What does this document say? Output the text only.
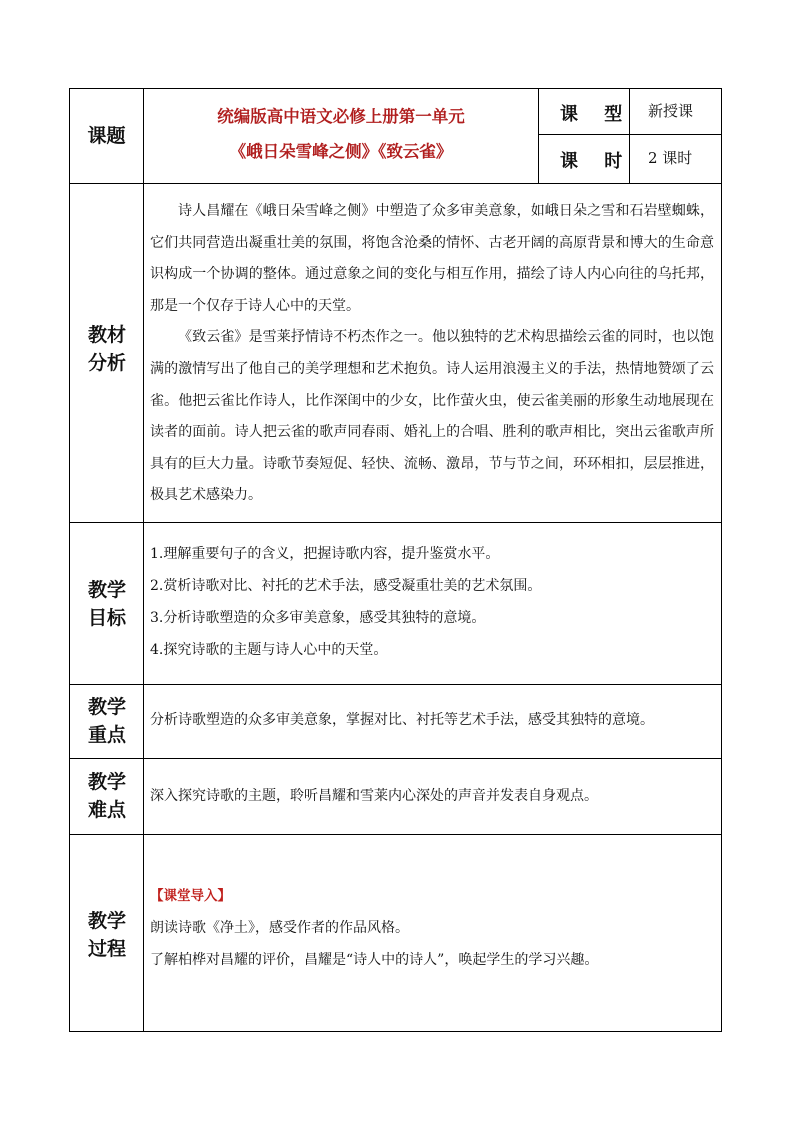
课题
统编版高中语文必修上册第一单元
《峨日朵雪峰之侧》《致云雀》
课 型 新授课
课 时 2 课时
教材分析

诗人昌耀在《峨日朵雪峰之侧》中塑造了众多审美意象，如峨日朵之雪和石岩壁蜘蛛，它们共同营造出凝重壮美的氛围，将饱含沧桑的情怀、古老开阔的高原背景和博大的生命意识构成一个协调的整体。通过意象之间的变化与相互作用，描绘了诗人内心向往的乌托邦，那是一个仅存于诗人心中的天堂。

《致云雀》是雪莱抒情诗不朽杰作之一。他以独特的艺术构思描绘云雀的同时，也以饱满的激情写出了他自己的美学理想和艺术抱负。诗人运用浪漫主义的手法，热情地赞颂了云雀。他把云雀比作诗人，比作深闺中的少女，比作萤火虫，使云雀美丽的形象生动地展现在读者的面前。诗人把云雀的歌声同春雨、婚礼上的合唱、胜利的歌声相比，突出云雀歌声所具有的巨大力量。诗歌节奏短促、轻快、流畅、激昂，节与节之间，环环相扣，层层推进，极具艺术感染力。

教学目标

1.理解重要句子的含义，把握诗歌内容，提升鉴赏水平。

2.赏析诗歌对比、衬托的艺术手法，感受凝重壮美的艺术氛围。

3.分析诗歌塑造的众多审美意象，感受其独特的意境。

4.探究诗歌的主题与诗人心中的天堂。

教学重点
分析诗歌塑造的众多审美意象，掌握对比、衬托等艺术手法，感受其独特的意境。
教学难点
深入探究诗歌的主题，聆听昌耀和雪莱内心深处的声音并发表自身观点。
教学过程
【课堂导入】
朗读诗歌《净土》，感受作者的作品风格。
了解柏桦对昌耀的评价，昌耀是“诗人中的诗人”，唤起学生的学习兴趣。
